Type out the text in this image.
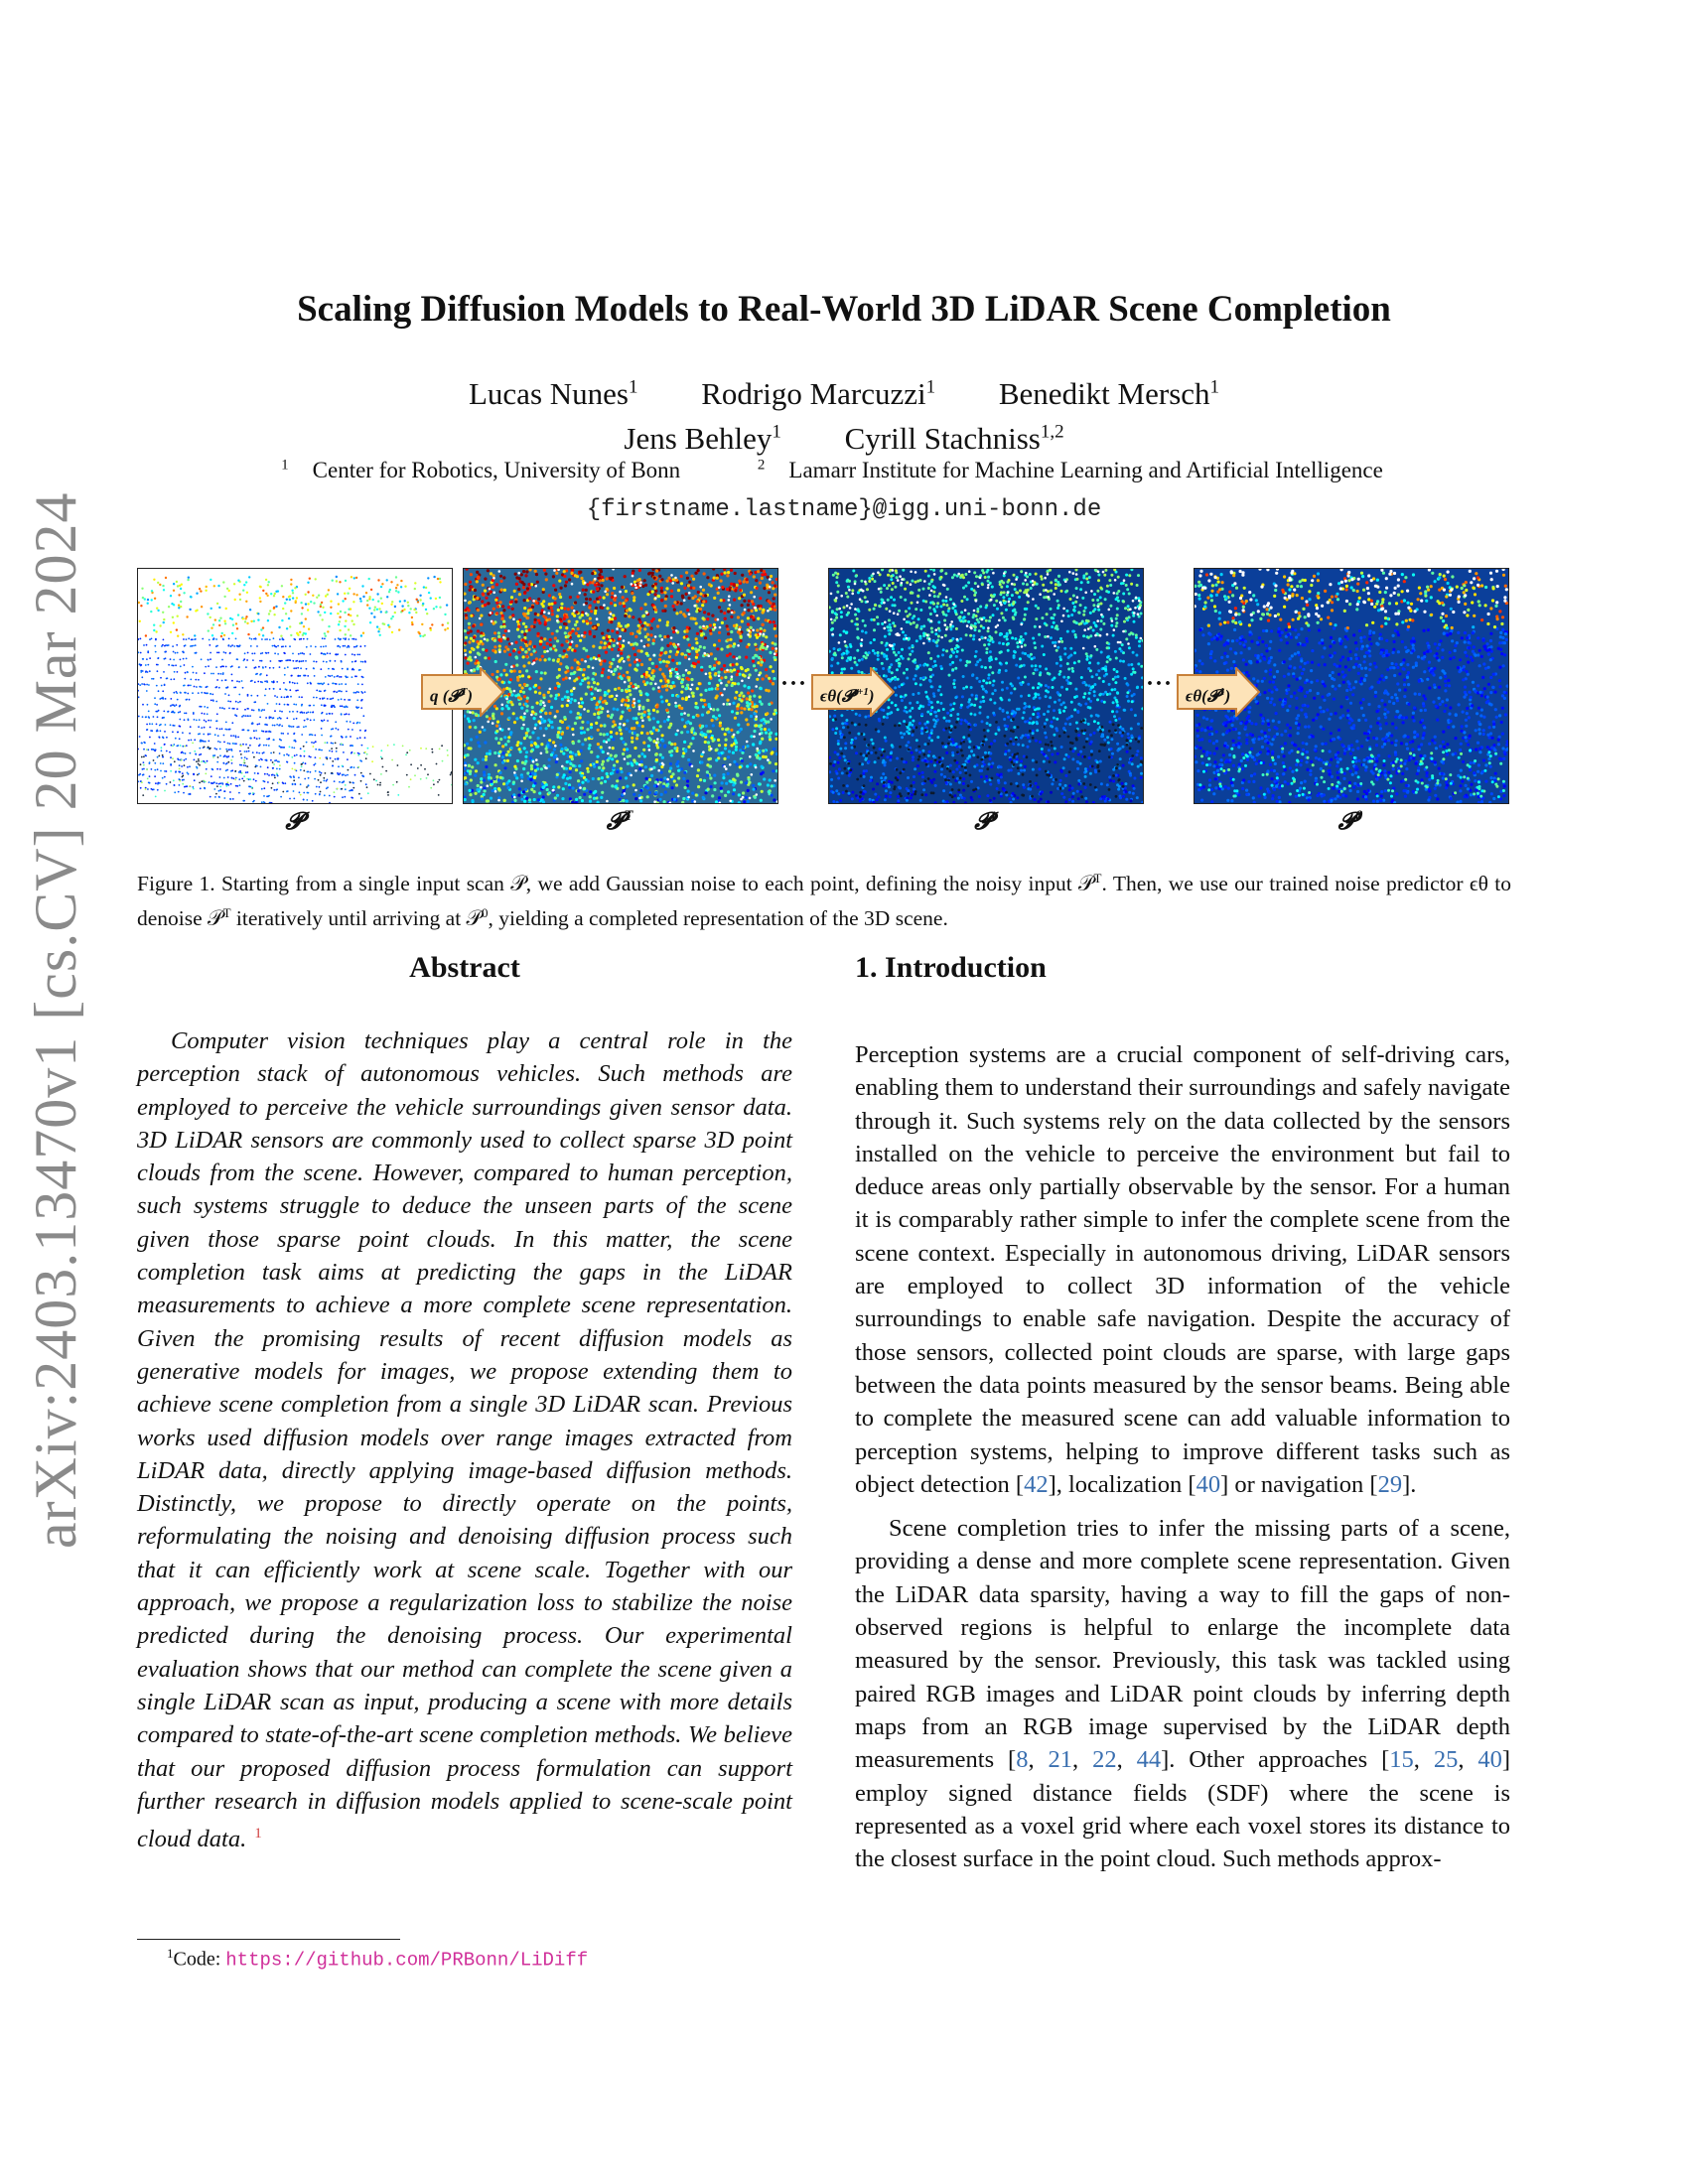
arXiv:2403.13470v1 [cs.CV] 20 Mar 2024
Scaling Diffusion Models to Real-World 3D LiDAR Scene Completion
Lucas Nunes$^1$ Rodrigo Marcuzzi$^1$ Benedikt Mersch$^1$
Jens Behley$^1$ Cyrill Stachniss$^{1,2}$
$^1$ Center for Robotics, University of Bonn	$^2$ Lamarr Institute for Machine Learning and Artificial Intelligence
{firstname.lastname}@igg.uni-bonn.de
𝓟	𝓟$^T$	𝓟$^t$	𝓟$^0$
q (𝓟$^T$)	··· ϵθ(𝓟$^{t+1}$)	··· ϵθ(𝓟$^1$)
Figure 1. Starting from a single input scan 𝒫, we add Gaussian noise to each point, defining the noisy input 𝒫$^T$. Then, we use our trained noise predictor ϵθ to denoise 𝒫$^T$ iteratively until arriving at 𝒫$^0$, yielding a completed representation of the 3D scene.
Abstract	1. Introduction
Computer vision techniques play a central role in the perception stack of autonomous vehicles. Such methods are employed to perceive the vehicle surroundings given sensor data. 3D LiDAR sensors are commonly used to collect sparse 3D point clouds from the scene. However, compared to human perception, such systems struggle to deduce the unseen parts of the scene given those sparse point clouds. In this matter, the scene completion task aims at predicting the gaps in the LiDAR measurements to achieve a more complete scene representation. Given the promising results of recent diffusion models as generative models for images, we propose extending them to achieve scene completion from a single 3D LiDAR scan. Previous works used diffusion models over range images extracted from LiDAR data, directly applying image-based diffusion methods. Distinctly, we propose to directly operate on the points, reformulating the noising and denoising diffusion process such that it can efficiently work at scene scale. Together with our approach, we propose a regularization loss to stabilize the noise predicted during the denoising process. Our experimental evaluation shows that our method can complete the scene given a single LiDAR scan as input, producing a scene with more details compared to state-of-the-art scene completion methods. We believe that our proposed diffusion process formulation can support further research in diffusion models applied to scene-scale point cloud data. $^1$

Perception systems are a crucial component of self-driving cars, enabling them to understand their surroundings and safely navigate through it. Such systems rely on the data collected by the sensors installed on the vehicle to perceive the environment but fail to deduce areas only partially observable by the sensor. For a human it is comparably rather simple to infer the complete scene from the scene context. Especially in autonomous driving, LiDAR sensors are employed to collect 3D information of the vehicle surroundings to enable safe navigation. Despite the accuracy of those sensors, collected point clouds are sparse, with large gaps between the data points measured by the sensor beams. Being able to complete the measured scene can add valuable information to perception systems, helping to improve different tasks such as object detection [42], localization [40] or navigation [29].

Scene completion tries to infer the missing parts of a scene, providing a dense and more complete scene representation. Given the LiDAR data sparsity, having a way to fill the gaps of non-observed regions is helpful to enlarge the incomplete data measured by the sensor. Previously, this task was tackled using paired RGB images and LiDAR point clouds by inferring depth maps from an RGB image supervised by the LiDAR depth measurements [8, 21, 22, 44]. Other approaches [15, 25, 40] employ signed distance fields (SDF) where the scene is represented as a voxel grid where each voxel stores its distance to the closest surface in the point cloud. Such methods approx-

$^1$Code: https://github.com/PRBonn/LiDiff
